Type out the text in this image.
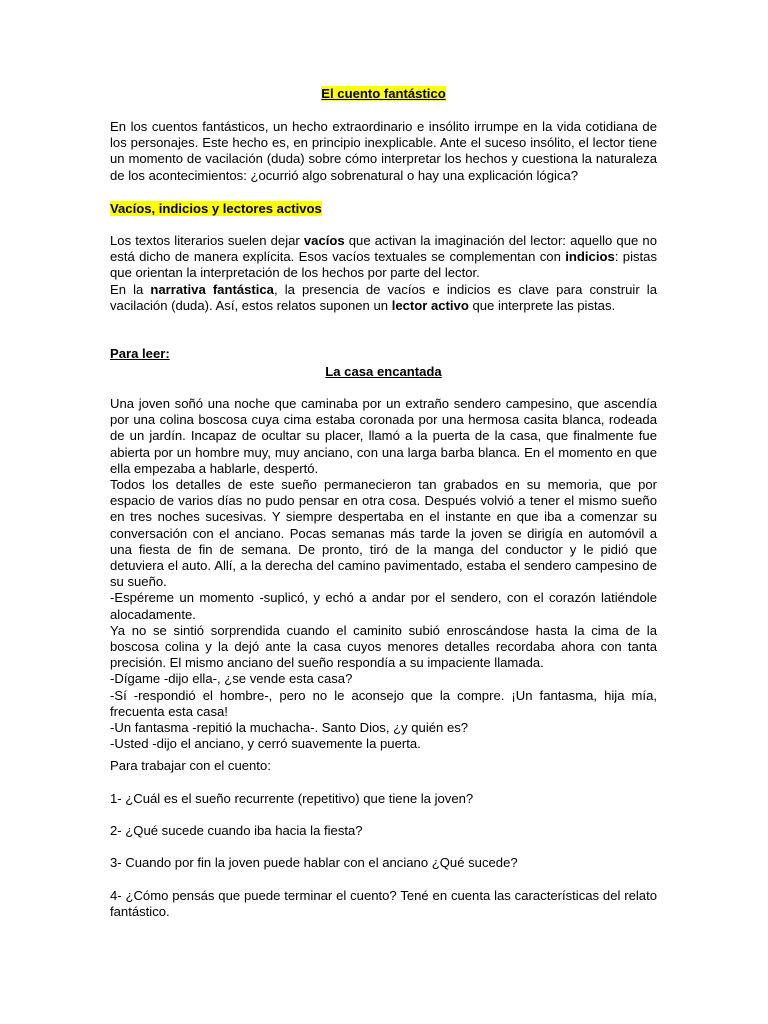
El cuento fantástico

En los cuentos fantásticos, un hecho extraordinario e insólito irrumpe en la vida cotidiana de los personajes. Este hecho es, en principio inexplicable. Ante el suceso insólito, el lector tiene un momento de vacilación (duda) sobre cómo interpretar los hechos y cuestiona la naturaleza de los acontecimientos: ¿ocurrió algo sobrenatural o hay una explicación lógica?

Vacíos, indicios y lectores activos

Los textos literarios suelen dejar vacíos que activan la imaginación del lector: aquello que no está dicho de manera explícita. Esos vacíos textuales se complementan con indicios: pistas que orientan la interpretación de los hechos por parte del lector.

En la narrativa fantástica, la presencia de vacíos e indicios es clave para construir la vacilación (duda). Así, estos relatos suponen un lector activo que interprete las pistas.

Para leer:

La casa encantada

Una joven soñó una noche que caminaba por un extraño sendero campesino, que ascendía por una colina boscosa cuya cima estaba coronada por una hermosa casita blanca, rodeada de un jardín. Incapaz de ocultar su placer, llamó a la puerta de la casa, que finalmente fue abierta por un hombre muy, muy anciano, con una larga barba blanca. En el momento en que ella empezaba a hablarle, despertó.

Todos los detalles de este sueño permanecieron tan grabados en su memoria, que por espacio de varios días no pudo pensar en otra cosa. Después volvió a tener el mismo sueño en tres noches sucesivas. Y siempre despertaba en el instante en que iba a comenzar su conversación con el anciano. Pocas semanas más tarde la joven se dirigía en automóvil a una fiesta de fin de semana. De pronto, tiró de la manga del conductor y le pidió que detuviera el auto. Allí, a la derecha del camino pavimentado, estaba el sendero campesino de su sueño.

-Espéreme un momento -suplicó, y echó a andar por el sendero, con el corazón latiéndole alocadamente.

Ya no se sintió sorprendida cuando el caminito subió enroscándose hasta la cima de la boscosa colina y la dejó ante la casa cuyos menores detalles recordaba ahora con tanta precisión. El mismo anciano del sueño respondía a su impaciente llamada.

-Dígame -dijo ella-, ¿se vende esta casa?

-Sí -respondió el hombre-, pero no le aconsejo que la compre. ¡Un fantasma, hija mía, frecuenta esta casa!

-Un fantasma -repitió la muchacha-. Santo Dios, ¿y quién es?

-Usted -dijo el anciano, y cerró suavemente la puerta.

Para trabajar con el cuento:

1- ¿Cuál es el sueño recurrente (repetitivo) que tiene la joven?

2- ¿Qué sucede cuando iba hacia la fiesta?

3- Cuando por fin la joven puede hablar con el anciano ¿Qué sucede?

4- ¿Cómo pensás que puede terminar el cuento? Tené en cuenta las características del relato fantástico.
